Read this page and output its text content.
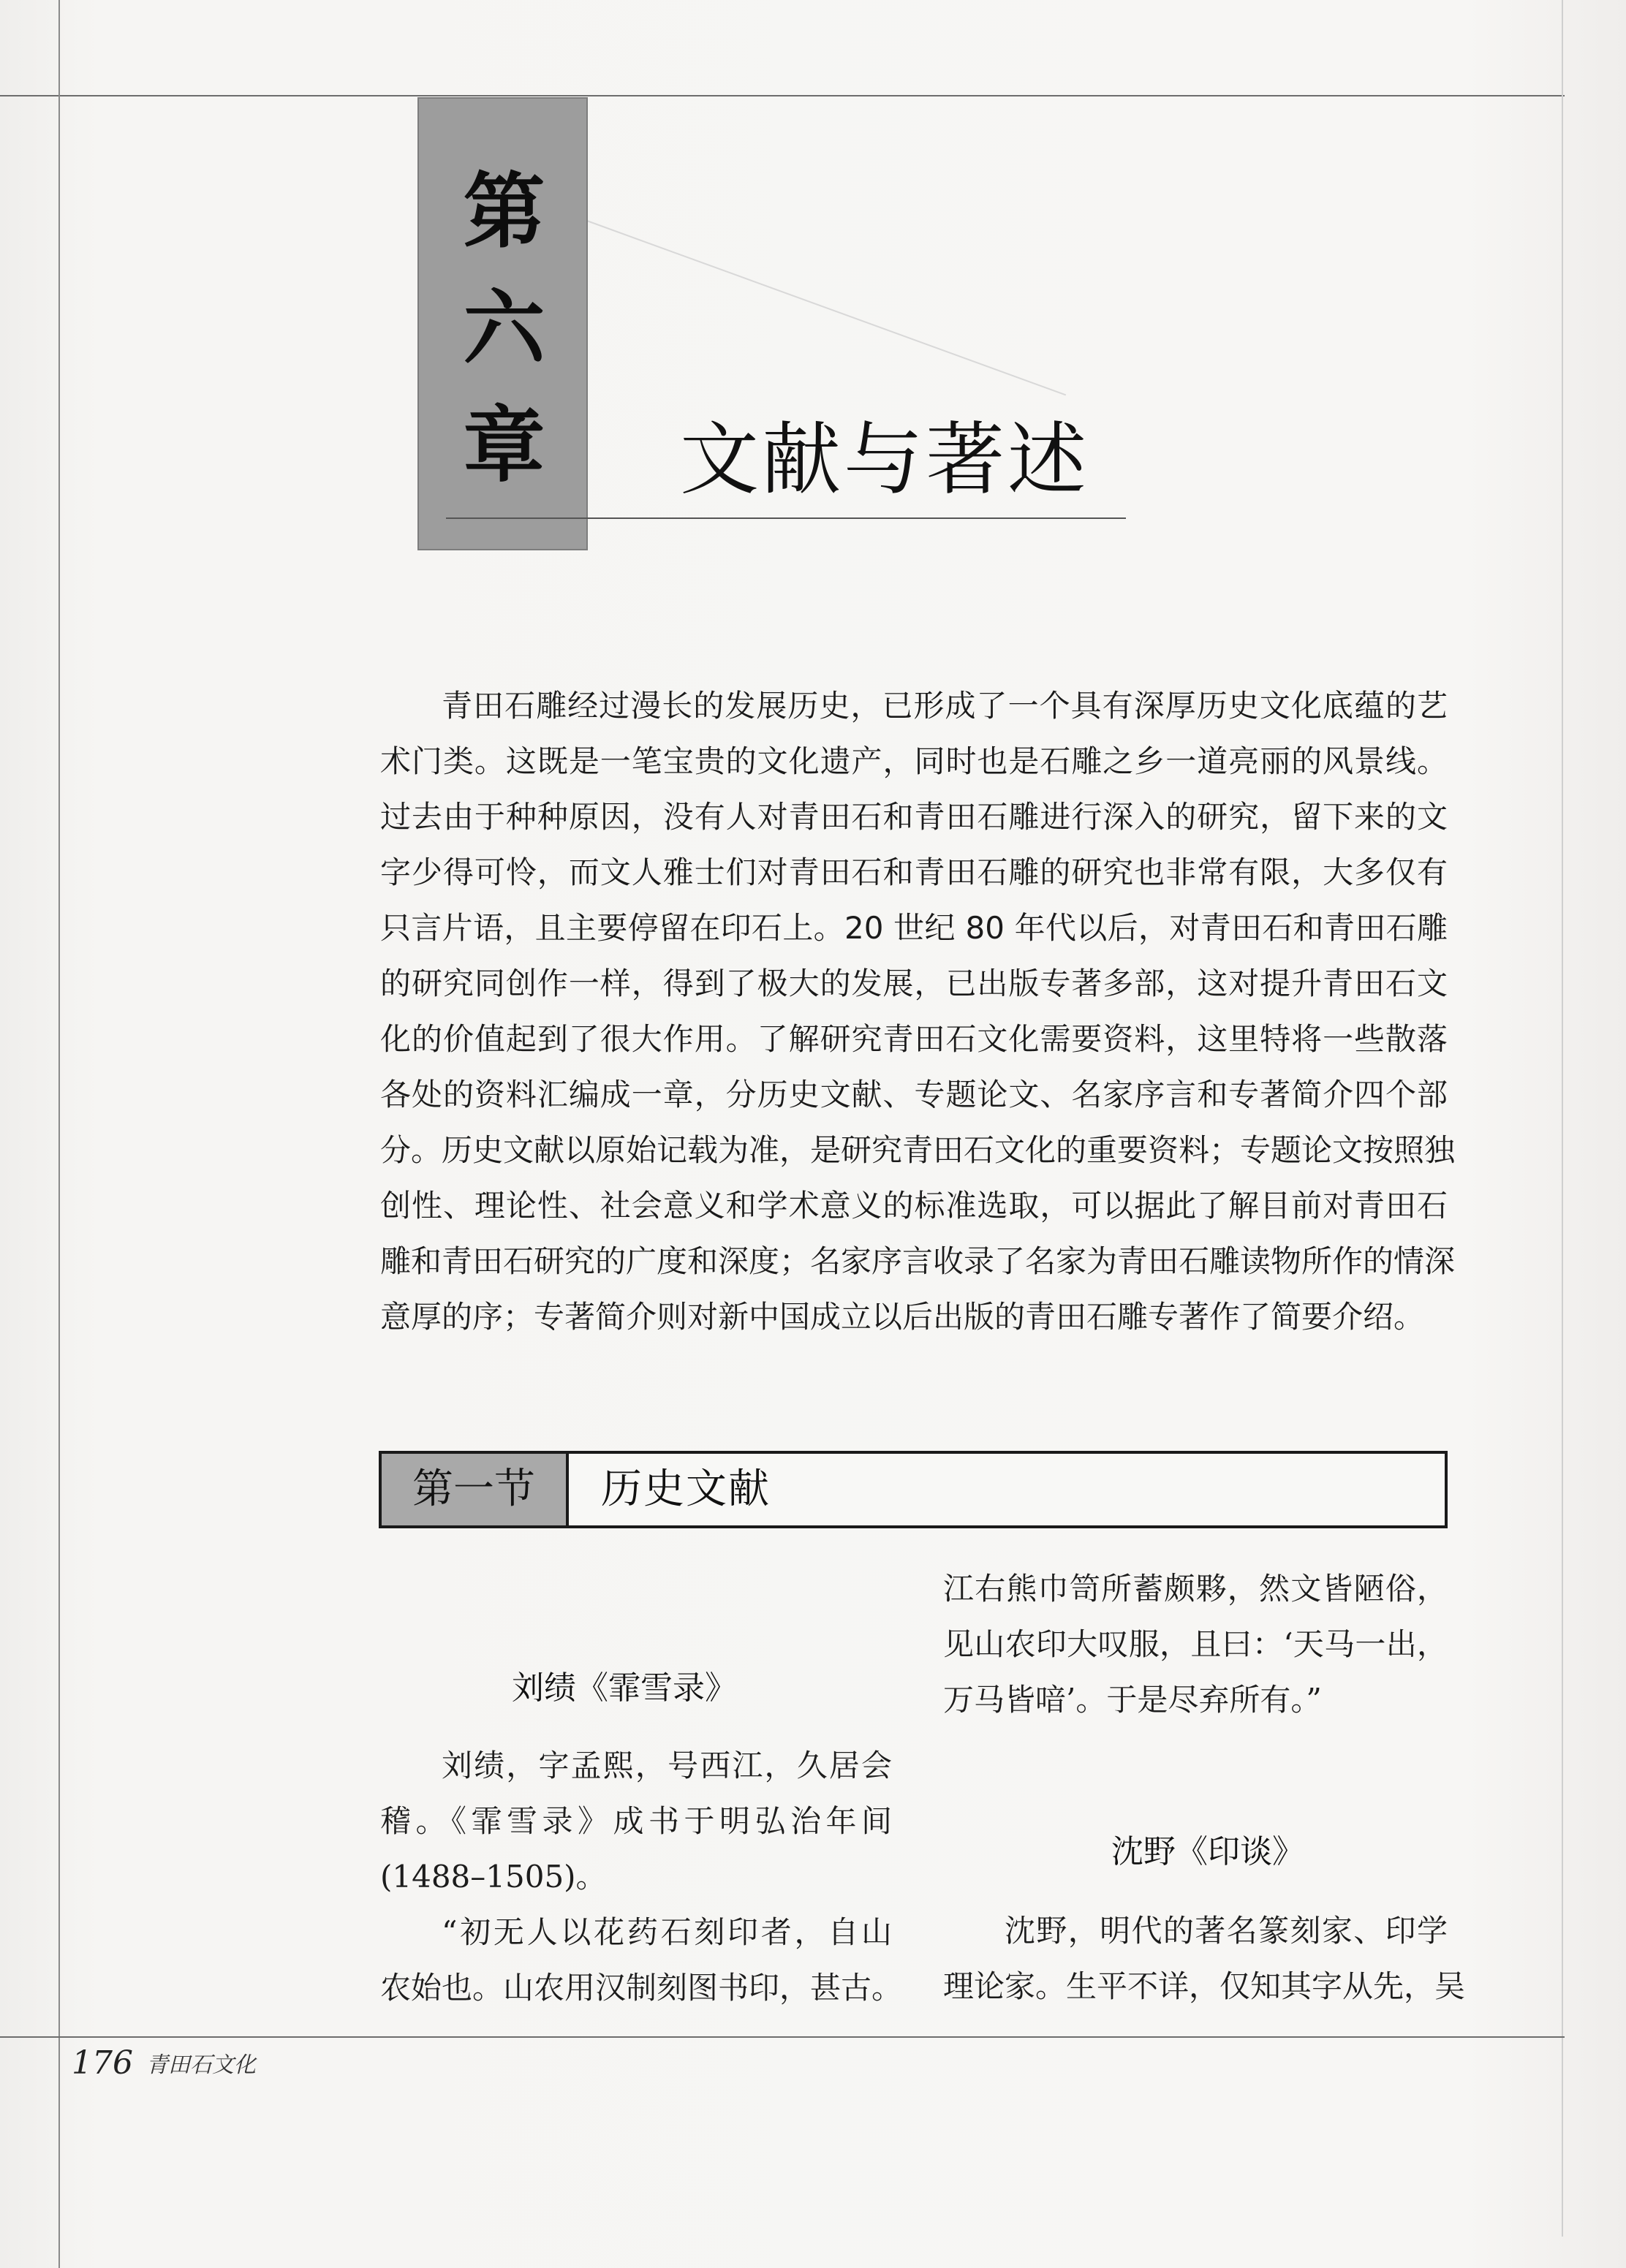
第
六
章	文献与著述
青田石雕经过漫长的发展历史，已形成了一个具有深厚历史文化底蕴的艺
术门类。这既是一笔宝贵的文化遗产，同时也是石雕之乡一道亮丽的风景线。
过去由于种种原因，没有人对青田石和青田石雕进行深入的研究，留下来的文
字少得可怜，而文人雅士们对青田石和青田石雕的研究也非常有限，大多仅有
只言片语，且主要停留在印石上。20 世纪 80 年代以后，对青田石和青田石雕
的研究同创作一样，得到了极大的发展，已出版专著多部，这对提升青田石文
化的价值起到了很大作用。了解研究青田石文化需要资料，这里特将一些散落
各处的资料汇编成一章，分历史文献、专题论文、名家序言和专著简介四个部
分。历史文献以原始记载为准，是研究青田石文化的重要资料；专题论文按照独
创性、理论性、社会意义和学术意义的标准选取，可以据此了解目前对青田石
雕和青田石研究的广度和深度；名家序言收录了名家为青田石雕读物所作的情深
意厚的序；专著简介则对新中国成立以后出版的青田石雕专著作了简要介绍。
第一节	历史文献
刘绩《霏雪录》
刘绩，字孟熙，号西江，久居会
稽。《霏雪录》成书于明弘治年间
(1488–1505)。
“初无人以花药石刻印者，自山
农始也。山农用汉制刻图书印，甚古。
江右熊巾笥所蓄颇夥，然文皆陋俗，
见山农印大叹服，且曰：‘天马一出，
万马皆喑’。于是尽弃所有。”
沈野《印谈》
沈野，明代的著名篆刻家、印学
理论家。生平不详，仅知其字从先，吴
176 青田石文化
